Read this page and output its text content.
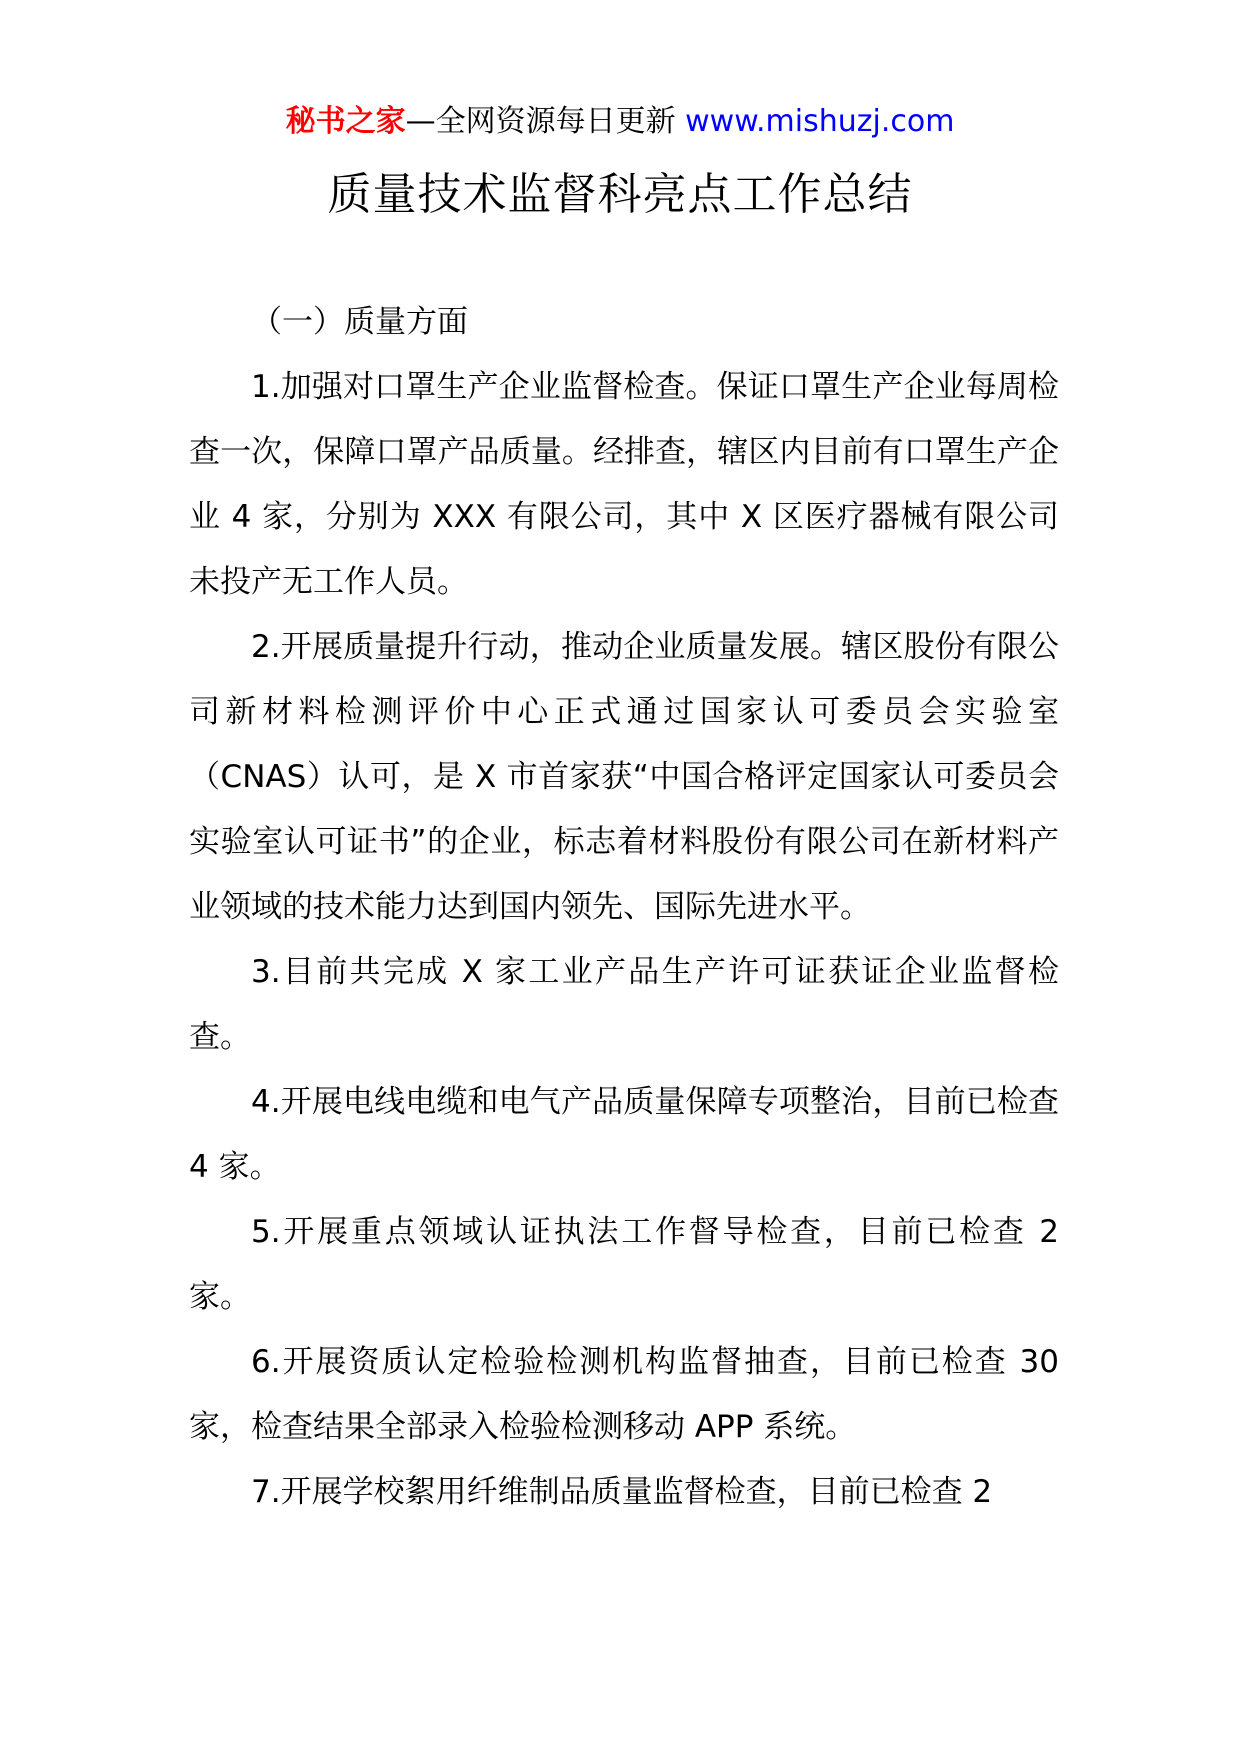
秘书之家—全网资源每日更新 www.mishuzj.com
质量技术监督科亮点工作总结

（一）质量方面

1.加强对口罩生产企业监督检查。保证口罩生产企业每周检查一次，保障口罩产品质量。经排查，辖区内目前有口罩生产企业 4 家，分别为 XXX 有限公司，其中 X 区医疗器械有限公司未投产无工作人员。

2.开展质量提升行动，推动企业质量发展。辖区股份有限公司新材料检测评价中心正式通过国家认可委员会实验室（CNAS）认可，是 X 市首家获“中国合格评定国家认可委员会实验室认可证书”的企业，标志着材料股份有限公司在新材料产业领域的技术能力达到国内领先、国际先进水平。

3.目前共完成 X 家工业产品生产许可证获证企业监督检查。

4.开展电线电缆和电气产品质量保障专项整治，目前已检查 4 家。

5.开展重点领域认证执法工作督导检查，目前已检查 2 家。

6.开展资质认定检验检测机构监督抽查，目前已检查 30 家，检查结果全部录入检验检测移动 APP 系统。

7.开展学校絮用纤维制品质量监督检查，目前已检查 2
